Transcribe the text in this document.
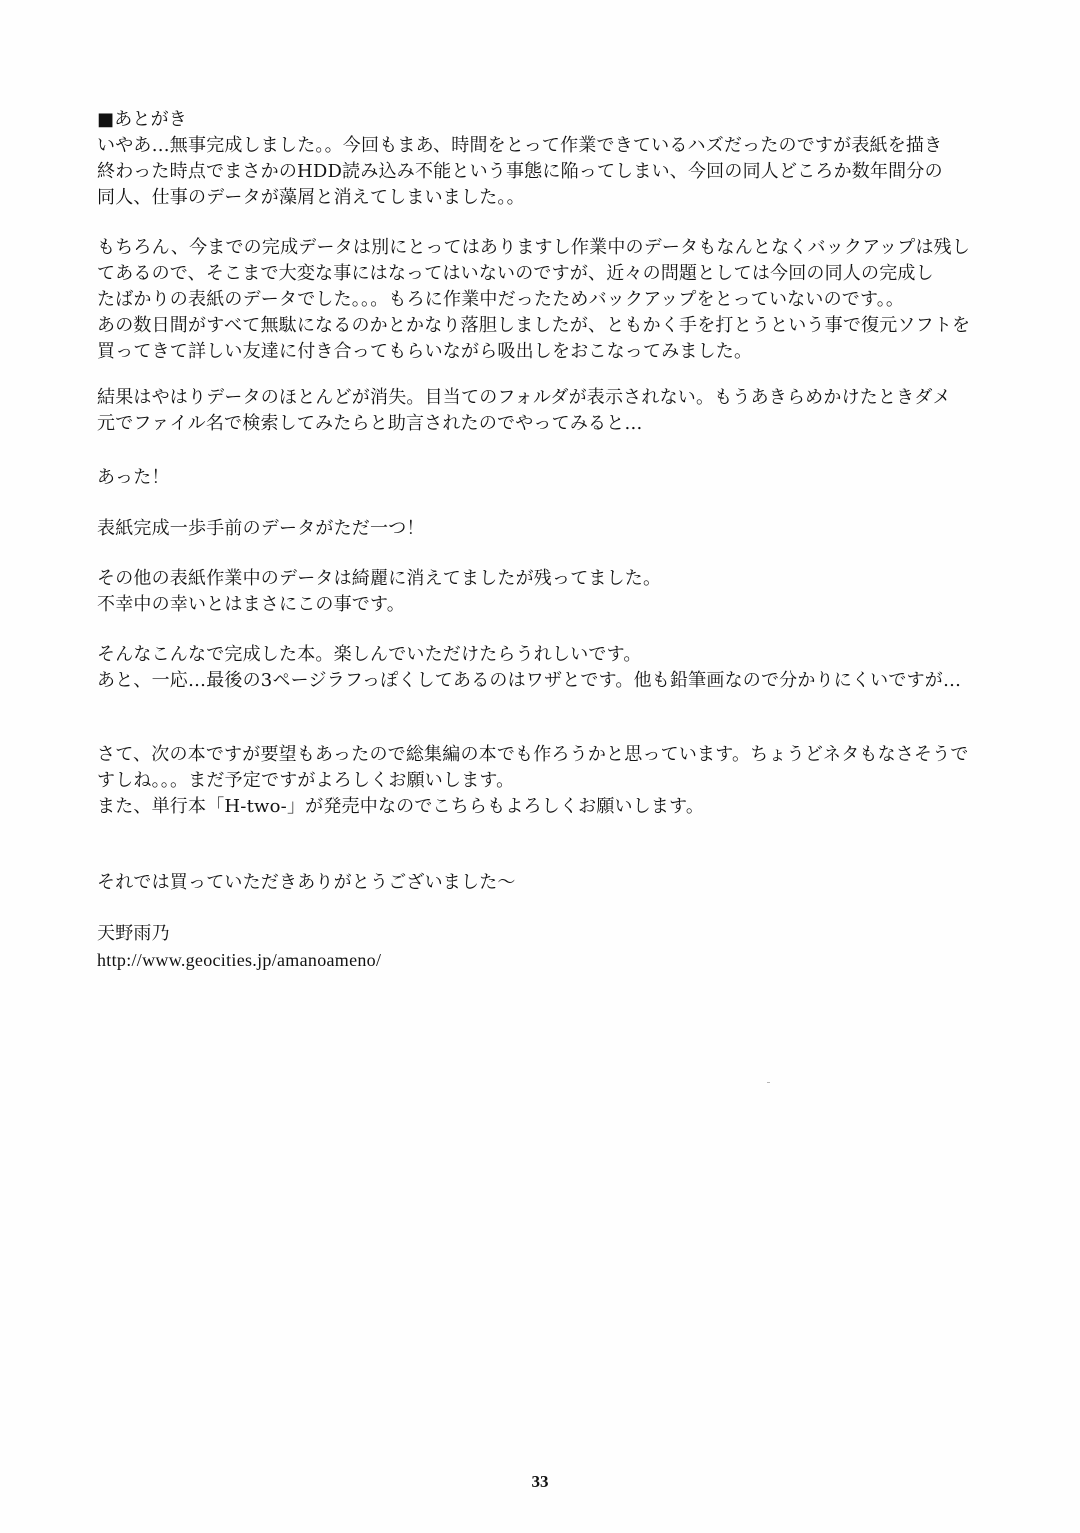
■あとがき
いやあ…無事完成しました。。今回もまあ、時間をとって作業できているハズだったのですが表紙を描き
終わった時点でまさかのHDD読み込み不能という事態に陥ってしまい、今回の同人どころか数年間分の
同人、仕事のデータが藻屑と消えてしまいました。。
もちろん、今までの完成データは別にとってはありますし作業中のデータもなんとなくバックアップは残し
てあるので、そこまで大変な事にはなってはいないのですが、近々の問題としては今回の同人の完成し
たばかりの表紙のデータでした。。。もろに作業中だったためバックアップをとっていないのです。。
あの数日間がすべて無駄になるのかとかなり落胆しましたが、ともかく手を打とうという事で復元ソフトを
買ってきて詳しい友達に付き合ってもらいながら吸出しをおこなってみました。
結果はやはりデータのほとんどが消失。目当てのフォルダが表示されない。もうあきらめかけたときダメ
元でファイル名で検索してみたらと助言されたのでやってみると…
あった！
表紙完成一歩手前のデータがただ一つ！
その他の表紙作業中のデータは綺麗に消えてましたが残ってました。
不幸中の幸いとはまさにこの事です。
そんなこんなで完成した本。楽しんでいただけたらうれしいです。
あと、一応…最後の3ページラフっぽくしてあるのはワザとです。他も鉛筆画なので分かりにくいですが…
さて、次の本ですが要望もあったので総集編の本でも作ろうかと思っています。ちょうどネタもなさそうで
すしね。。。まだ予定ですがよろしくお願いします。
また、単行本「H-two-」が発売中なのでこちらもよろしくお願いします。
それでは買っていただきありがとうございました～
天野雨乃
http://www.geocities.jp/amanoameno/
33
